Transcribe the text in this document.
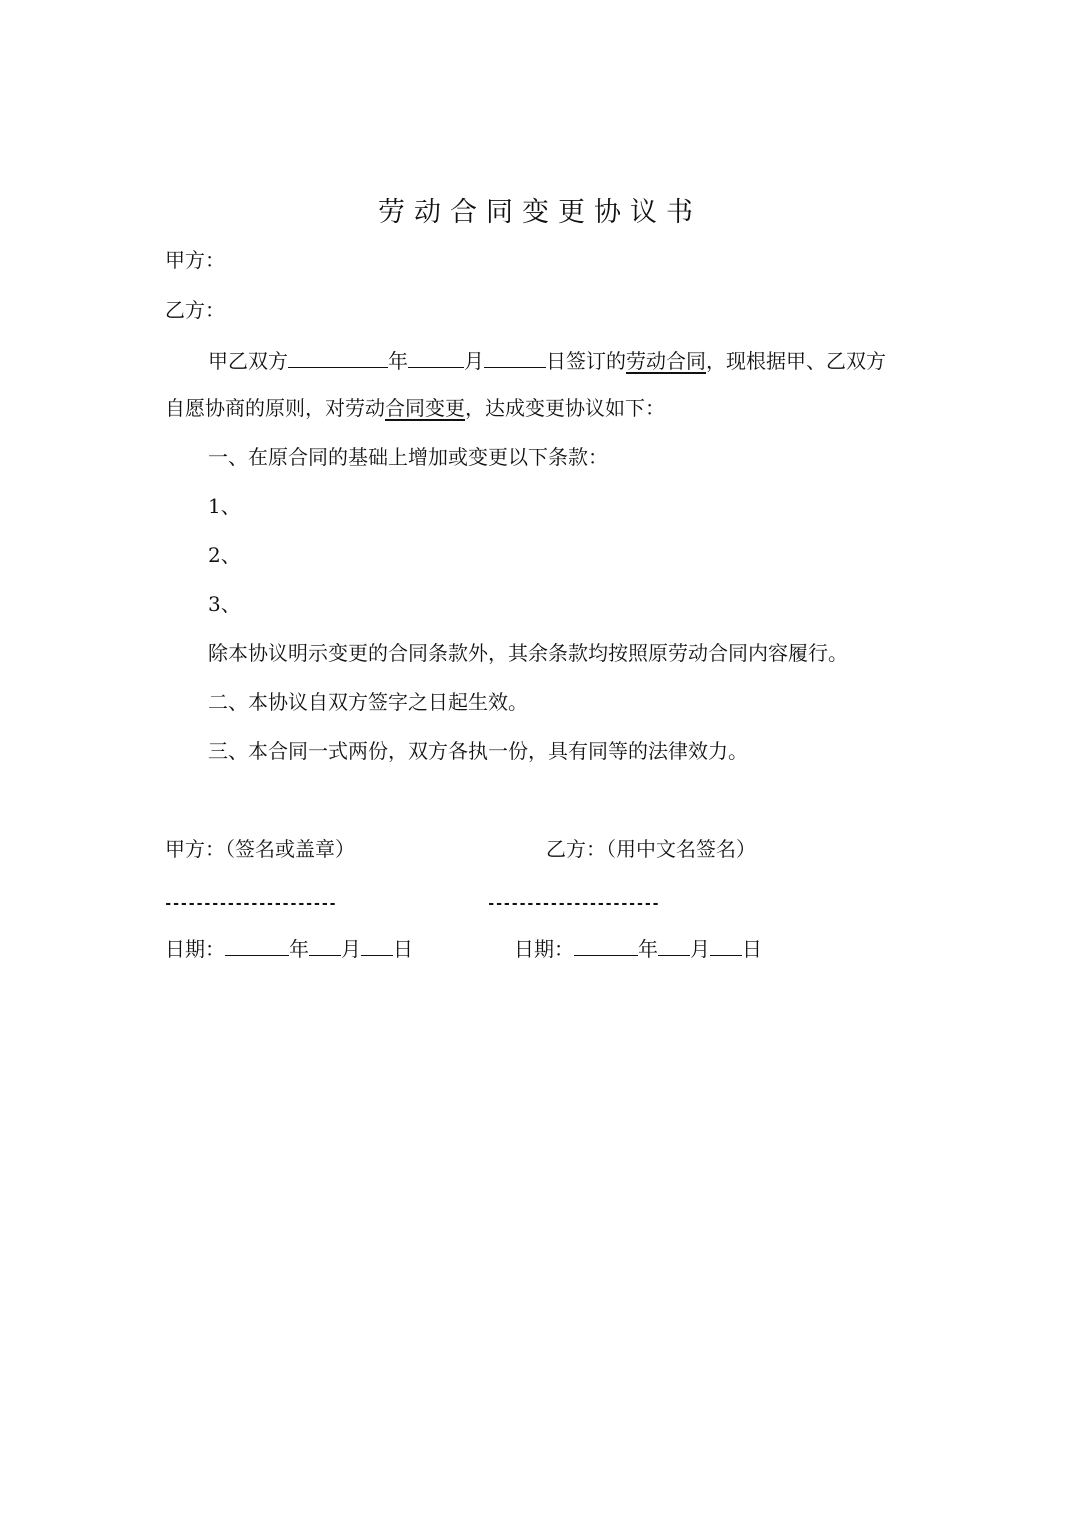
劳动合同变更协议书
甲方：
乙方：
甲乙双方	年	月	日签订的劳动合同，现根据甲、乙双方
自愿协商的原则，对劳动合同变更，达成变更协议如下：
一、在原合同的基础上增加或变更以下条款：
1、
2、
3、
除本协议明示变更的合同条款外，其余条款均按照原劳动合同内容履行。
二、本协议自双方签字之日起生效。
三、本合同一式两份，双方各执一份，具有同等的法律效力。
甲方：（签名或盖章）	乙方：（用中文名签名）
----------------------	----------------------
日期：	年 月 日	日期：	年 月 日
